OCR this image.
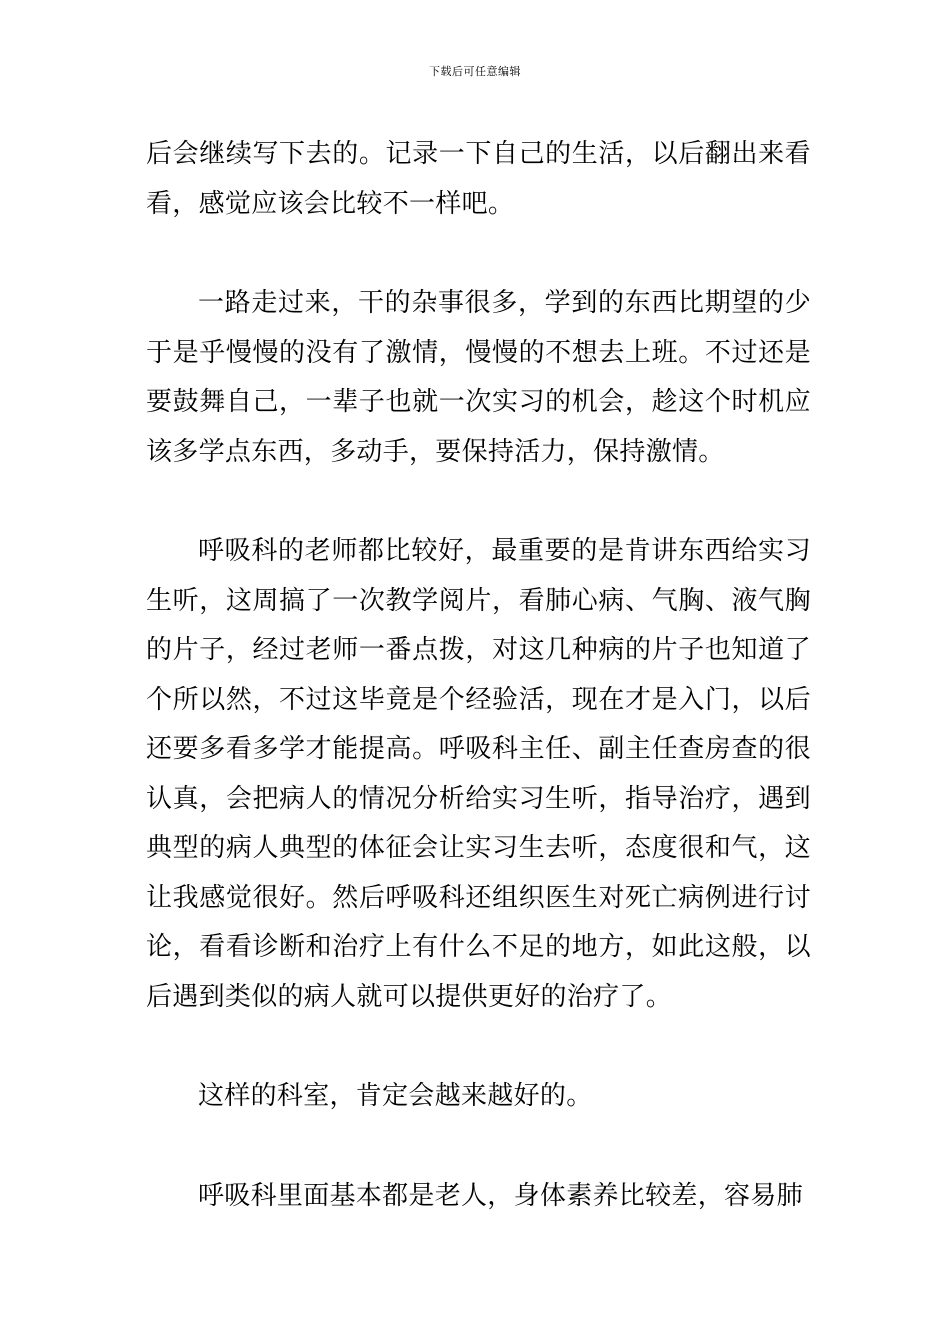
下载后可任意编辑

后会继续写下去的。记录一下自己的生活，以后翻出来看看，感觉应该会比较不一样吧。

一路走过来，干的杂事很多，学到的东西比期望的少于是乎慢慢的没有了激情，慢慢的不想去上班。不过还是要鼓舞自己，一辈子也就一次实习的机会，趁这个时机应该多学点东西，多动手，要保持活力，保持激情。

呼吸科的老师都比较好，最重要的是肯讲东西给实习生听，这周搞了一次教学阅片，看肺心病、气胸、液气胸的片子，经过老师一番点拨，对这几种病的片子也知道了个所以然，不过这毕竟是个经验活，现在才是入门，以后还要多看多学才能提高。呼吸科主任、副主任查房查的很认真，会把病人的情况分析给实习生听，指导治疗，遇到典型的病人典型的体征会让实习生去听，态度很和气，这让我感觉很好。然后呼吸科还组织医生对死亡病例进行讨论，看看诊断和治疗上有什么不足的地方，如此这般，以后遇到类似的病人就可以提供更好的治疗了。

这样的科室，肯定会越来越好的。

呼吸科里面基本都是老人，身体素养比较差，容易肺
